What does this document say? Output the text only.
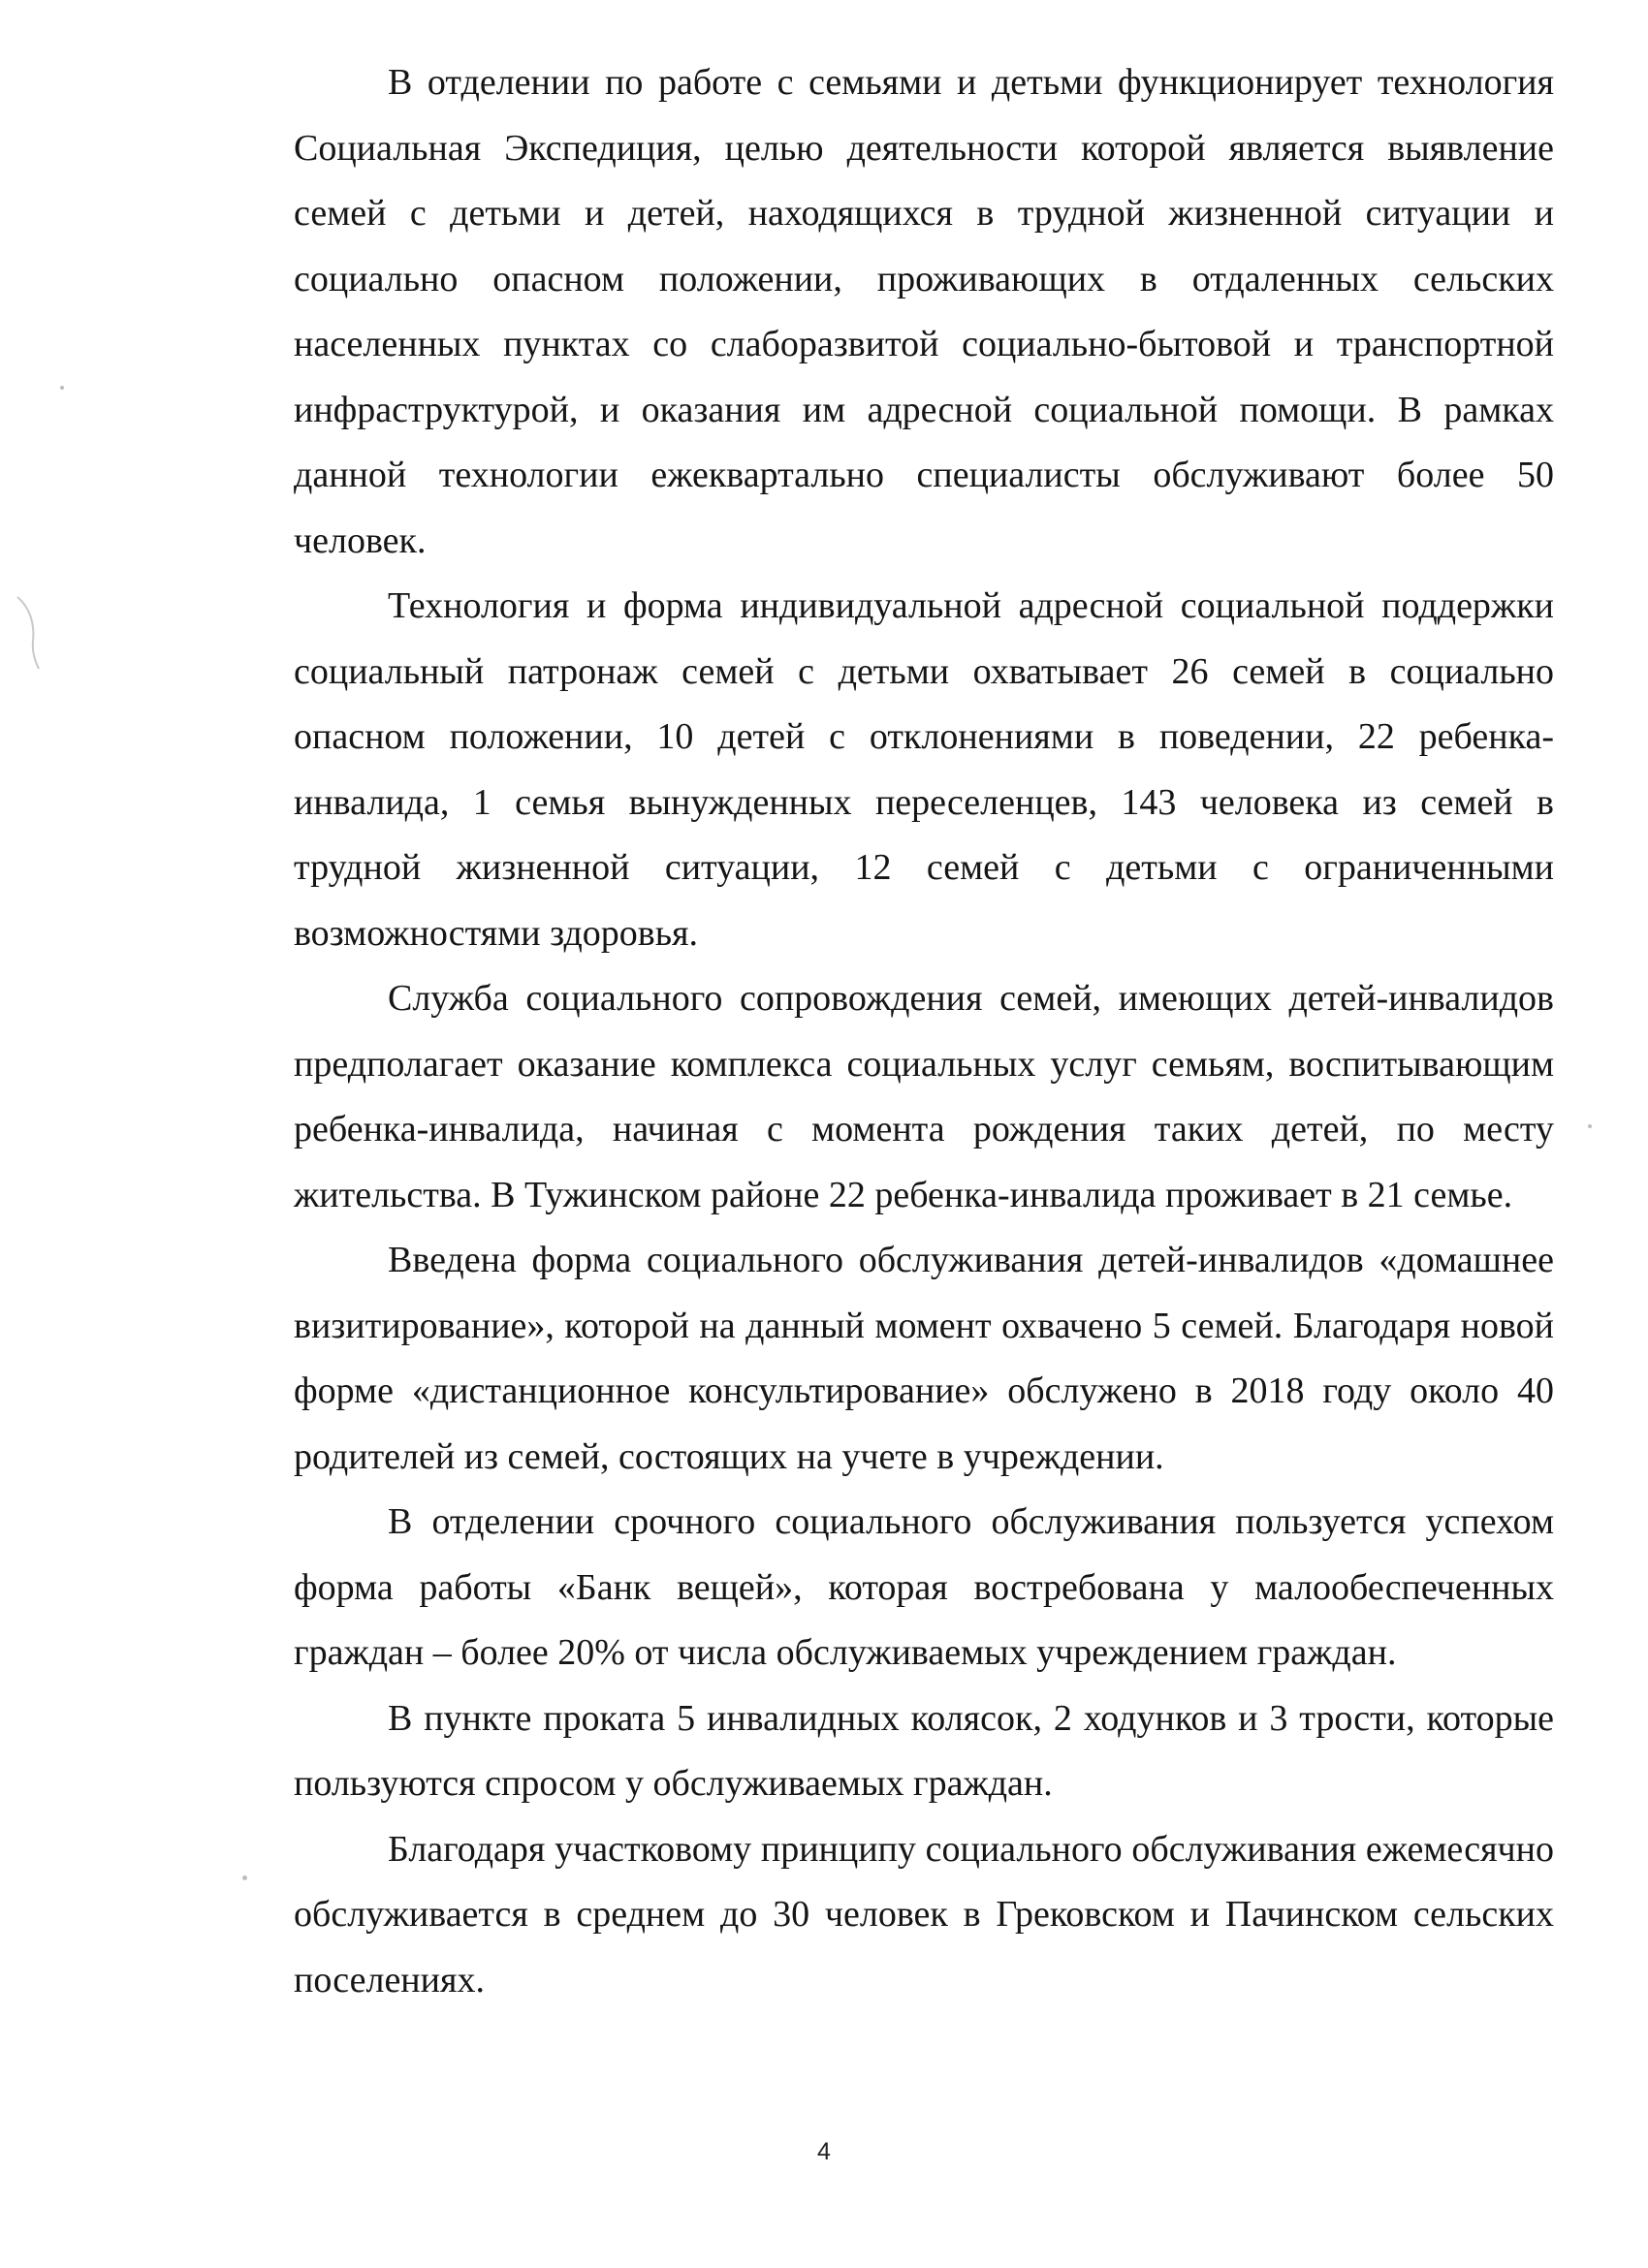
В отделении по работе с семьями и детьми функционирует технология Социальная Экспедиция, целью деятельности которой является выявление семей с детьми и детей, находящихся в трудной жизненной ситуации и социально опасном положении, проживающих в отдаленных сельских населенных пунктах со слаборазвитой социально-бытовой и транспортной инфраструктурой, и оказания им адресной социальной помощи. В рамках данной технологии ежеквартально специалисты обслуживают более 50 человек.

Технология и форма индивидуальной адресной социальной поддержки социальный патронаж семей с детьми охватывает 26 семей в социально опасном положении, 10 детей с отклонениями в поведении, 22 ребенка-инвалида, 1 семья вынужденных переселенцев, 143 человека из семей в трудной жизненной ситуации, 12 семей с детьми с ограниченными возможностями здоровья.

Служба социального сопровождения семей, имеющих детей-инвалидов предполагает оказание комплекса социальных услуг семьям, воспитывающим ребенка-инвалида, начиная с момента рождения таких детей, по месту жительства. В Тужинском районе 22 ребенка-инвалида проживает в 21 семье.

Введена форма социального обслуживания детей-инвалидов «домашнее визитирование», которой на данный момент охвачено 5 семей. Благодаря новой форме «дистанционное консультирование» обслужено в 2018 году около 40 родителей из семей, состоящих на учете в учреждении.

В отделении срочного социального обслуживания пользуется успехом форма работы «Банк вещей», которая востребована у малообеспеченных граждан – более 20% от числа обслуживаемых учреждением граждан.

В пункте проката 5 инвалидных колясок, 2 ходунков и 3 трости, которые пользуются спросом у обслуживаемых граждан.

Благодаря участковому принципу социального обслуживания ежемесячно обслуживается в среднем до 30 человек в Грековском и Пачинском сельских поселениях.

4
